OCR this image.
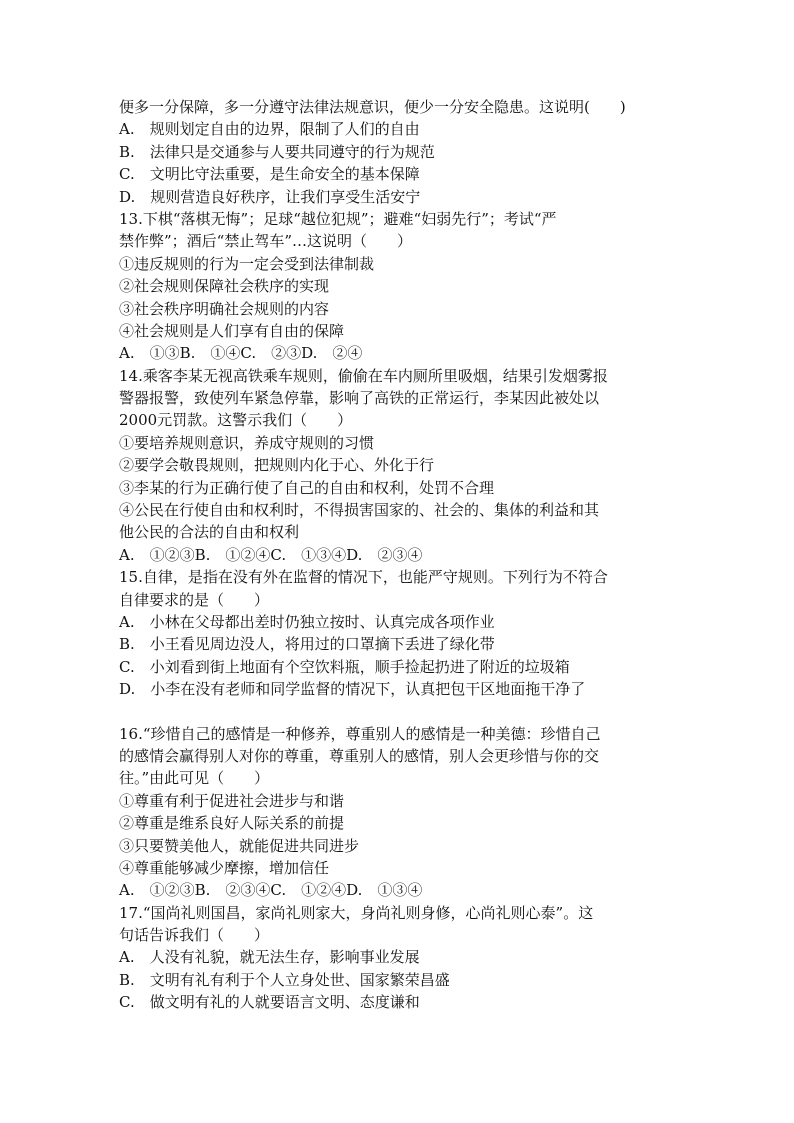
便多一分保障，多一分遵守法律法规意识，便少一分安全隐患。这说明(　　)
A.　规则划定自由的边界，限制了人们的自由
B.　法律只是交通参与人要共同遵守的行为规范
C.　文明比守法重要，是生命安全的基本保障
D.　规则营造良好秩序，让我们享受生活安宁
13.下棋“落棋无悔”；足球“越位犯规”；避难“妇弱先行”；考试“严
禁作弊”；酒后“禁止驾车”…这说明（　　）
①违反规则的行为一定会受到法律制裁
②社会规则保障社会秩序的实现
③社会秩序明确社会规则的内容
④社会规则是人们享有自由的保障
A.　①③B.　①④C.　②③D.　②④
14.乘客李某无视高铁乘车规则，偷偷在车内厕所里吸烟，结果引发烟雾报
警器报警，致使列车紧急停靠，影响了高铁的正常运行，李某因此被处以
2000元罚款。这警示我们（　　）
①要培养规则意识，养成守规则的习惯
②要学会敬畏规则，把规则内化于心、外化于行
③李某的行为正确行使了自己的自由和权利，处罚不合理
④公民在行使自由和权利时，不得损害国家的、社会的、集体的利益和其
他公民的合法的自由和权利
A.　①②③B.　①②④C.　①③④D.　②③④
15.自律，是指在没有外在监督的情况下，也能严守规则。下列行为不符合
自律要求的是（　　）
A.　小林在父母都出差时仍独立按时、认真完成各项作业
B.　小王看见周边没人，将用过的口罩摘下丢进了绿化带
C.　小刘看到街上地面有个空饮料瓶，顺手捡起扔进了附近的垃圾箱
D.　小李在没有老师和同学监督的情况下，认真把包干区地面拖干净了
16.“珍惜自己的感情是一种修养，尊重别人的感情是一种美德：珍惜自己
的感情会赢得别人对你的尊重，尊重别人的感情，别人会更珍惜与你的交
往。”由此可见（　　）
①尊重有利于促进社会进步与和谐
②尊重是维系良好人际关系的前提
③只要赞美他人，就能促进共同进步
④尊重能够减少摩擦，增加信任
A.　①②③B.　②③④C.　①②④D.　①③④
17.“国尚礼则国昌，家尚礼则家大，身尚礼则身修，心尚礼则心泰”。这
句话告诉我们（　　）
A.　人没有礼貌，就无法生存，影响事业发展
B.　文明有礼有利于个人立身处世、国家繁荣昌盛
C.　做文明有礼的人就要语言文明、态度谦和
